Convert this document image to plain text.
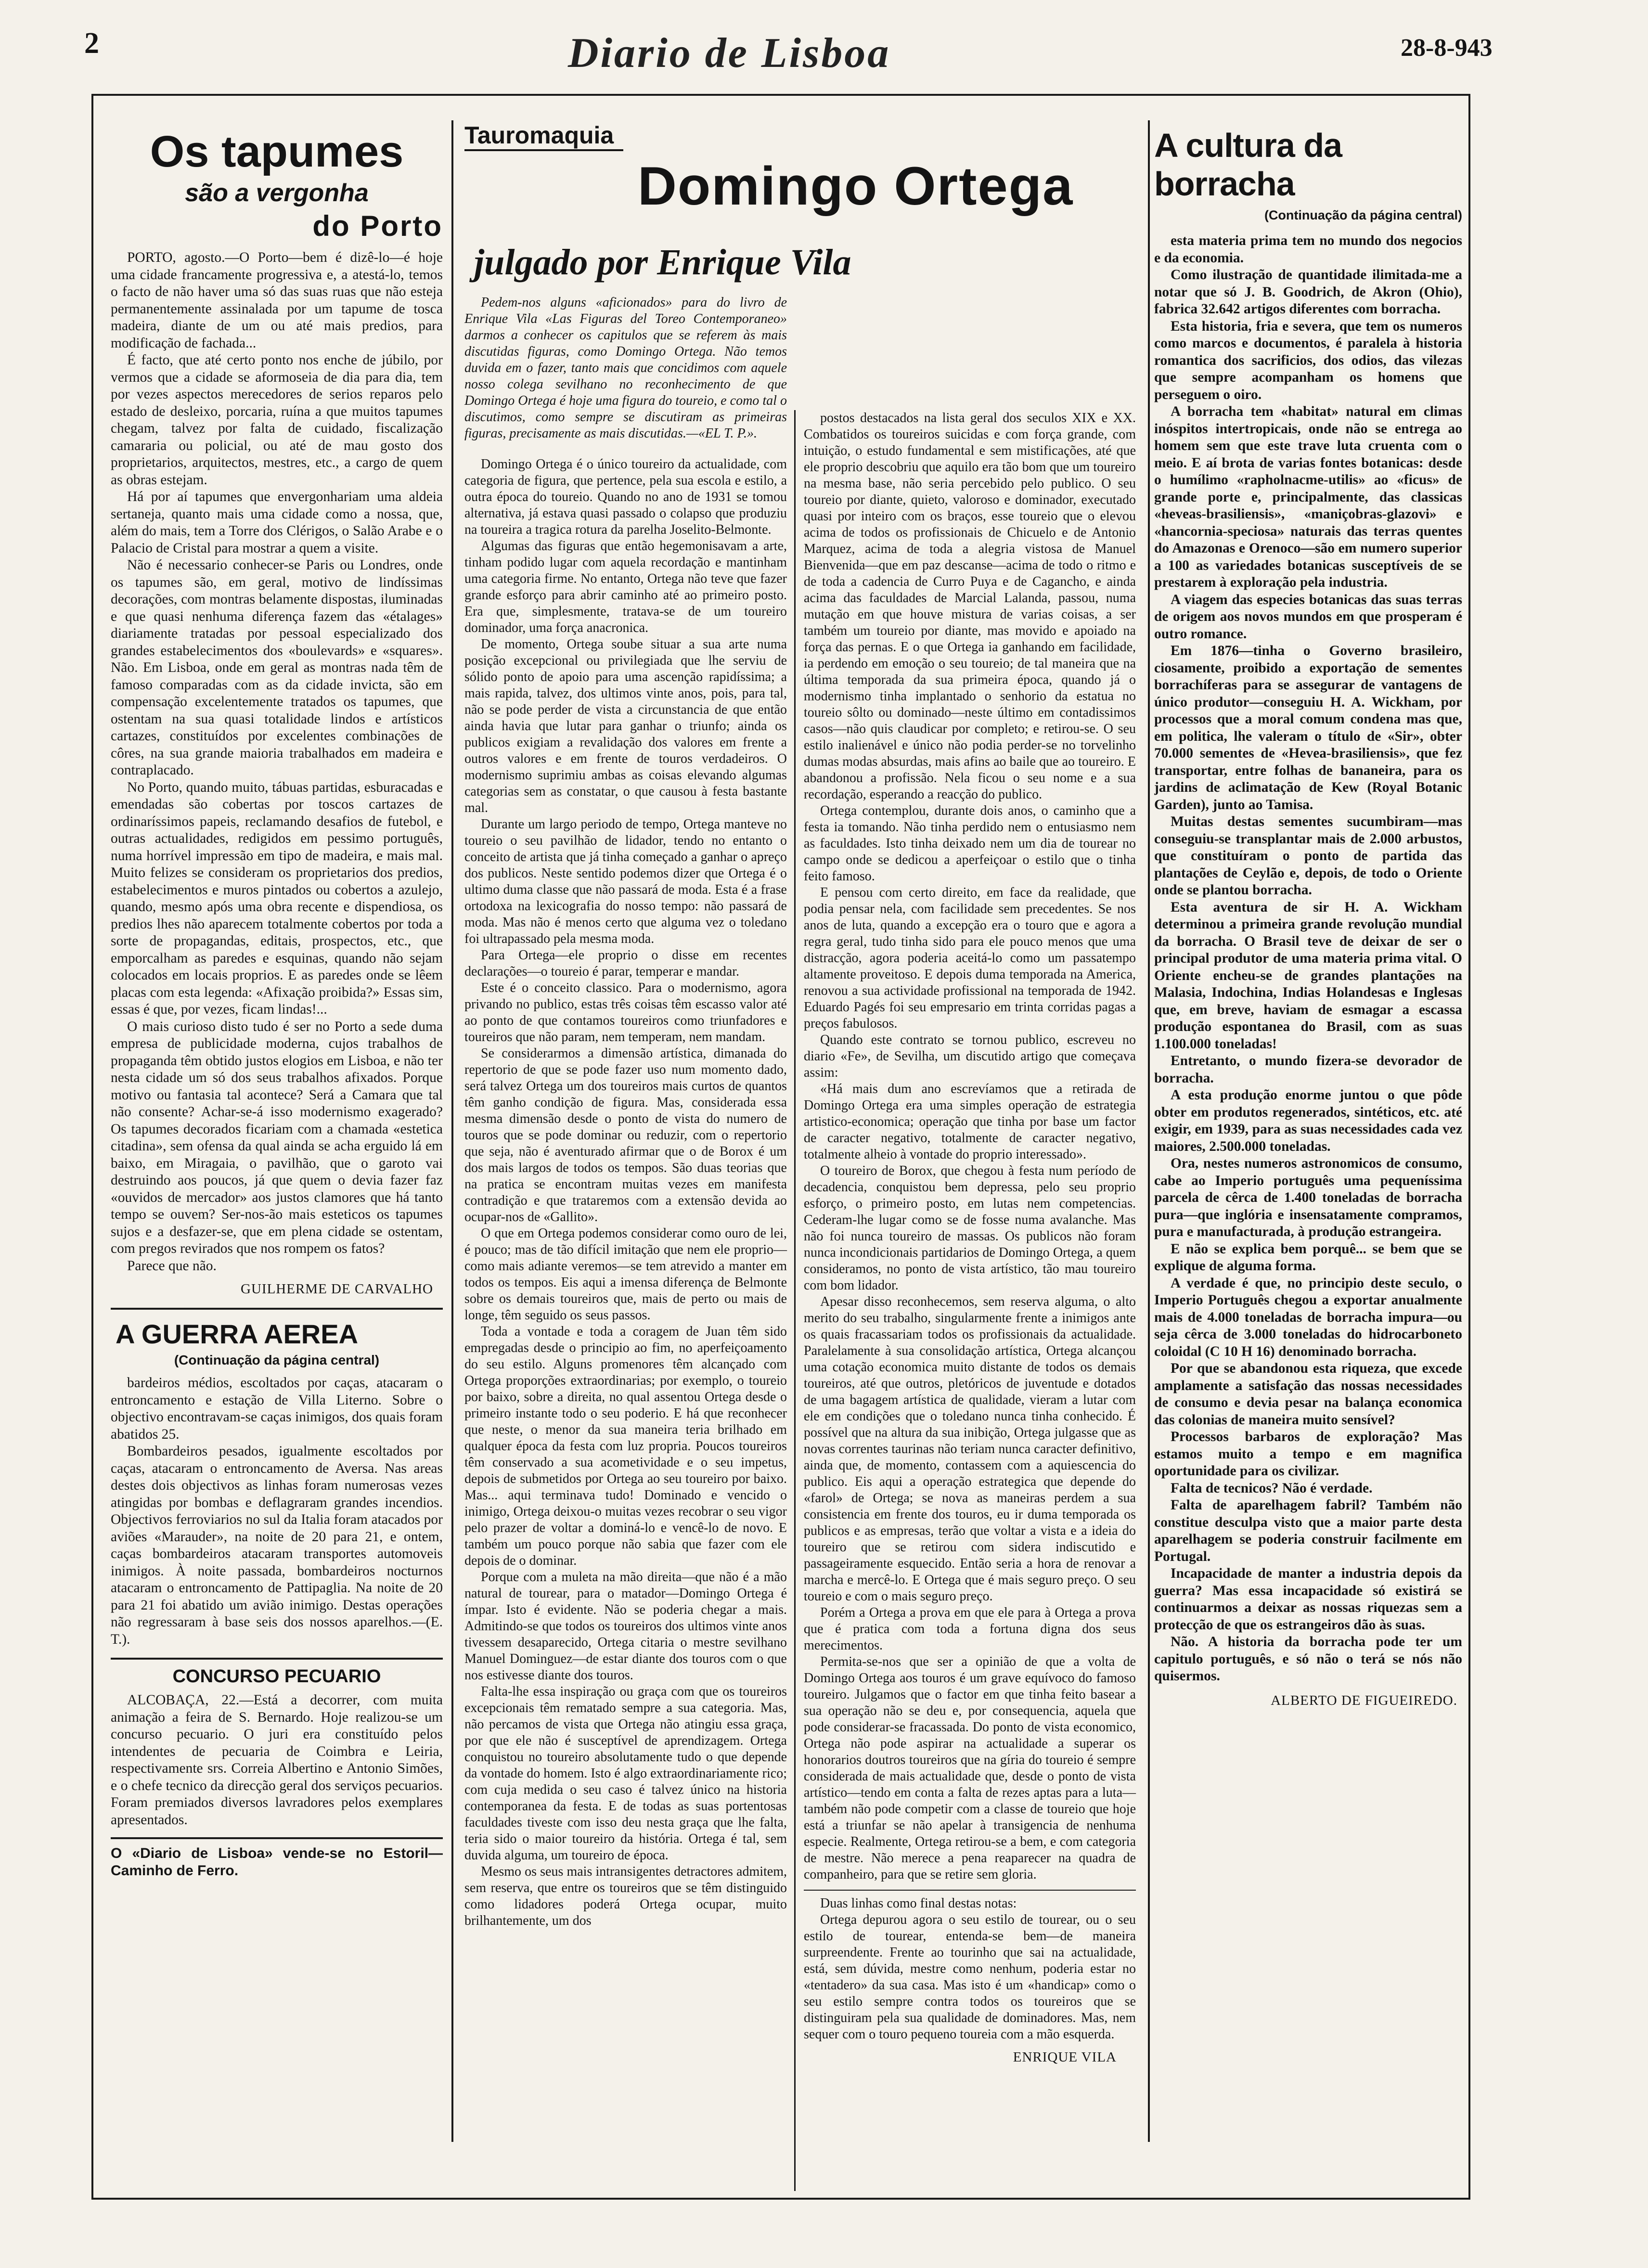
2	Diario de Lisboa	28-8-943
Os tapumes
são a vergonha
do Porto

PORTO, agosto.—O Porto—bem é dizê-lo—é hoje uma cidade francamente progressiva e, a atestá-lo, temos o facto de não haver uma só das suas ruas que não esteja permanentemente assinalada por um tapume de tosca madeira, diante de um ou até mais predios, para modificação de fachada...

É facto, que até certo ponto nos enche de júbilo, por vermos que a cidade se aformoseia de dia para dia, tem por vezes aspectos merecedores de serios reparos pelo estado de desleixo, porcaria, ruína a que muitos tapumes chegam, talvez por falta de cuidado, fiscalização camararia ou policial, ou até de mau gosto dos proprietarios, arquitectos, mestres, etc., a cargo de quem as obras estejam.

Há por aí tapumes que envergonhariam uma aldeia sertaneja, quanto mais uma cidade como a nossa, que, além do mais, tem a Torre dos Clérigos, o Salão Arabe e o Palacio de Cristal para mostrar a quem a visite.

Não é necessario conhecer-se Paris ou Londres, onde os tapumes são, em geral, motivo de lindíssimas decorações, com montras belamente dispostas, iluminadas e que quasi nenhuma diferença fazem das «étalages» diariamente tratadas por pessoal especializado dos grandes estabelecimentos dos «boulevards» e «squares». Não. Em Lisboa, onde em geral as montras nada têm de famoso comparadas com as da cidade invicta, são em compensação excelentemente tratados os tapumes, que ostentam na sua quasi totalidade lindos e artísticos cartazes, constituídos por excelentes combinações de côres, na sua grande maioria trabalhados em madeira e contraplacado.

No Porto, quando muito, tábuas partidas, esburacadas e emendadas são cobertas por toscos cartazes de ordinaríssimos papeis, reclamando desafios de futebol, e outras actualidades, redigidos em pessimo português, numa horrível impressão em tipo de madeira, e mais mal. Muito felizes se consideram os proprietarios dos predios, estabelecimentos e muros pintados ou cobertos a azulejo, quando, mesmo após uma obra recente e dispendiosa, os predios lhes não aparecem totalmente cobertos por toda a sorte de propagandas, editais, prospectos, etc., que emporcalham as paredes e esquinas, quando não sejam colocados em locais proprios. E as paredes onde se lêem placas com esta legenda: «Afixação proibida?» Essas sim, essas é que, por vezes, ficam lindas!...

O mais curioso disto tudo é ser no Porto a sede duma empresa de publicidade moderna, cujos trabalhos de propaganda têm obtido justos elogios em Lisboa, e não ter nesta cidade um só dos seus trabalhos afixados. Porque motivo ou fantasia tal acontece? Será a Camara que tal não consente? Achar-se-á isso modernismo exagerado? Os tapumes decorados ficariam com a chamada «estetica citadina», sem ofensa da qual ainda se acha erguido lá em baixo, em Miragaia, o pavilhão, que o garoto vai destruindo aos poucos, já que quem o devia fazer faz «ouvidos de mercador» aos justos clamores que há tanto tempo se ouvem? Ser-nos-ão mais esteticos os tapumes sujos e a desfazer-se, que em plena cidade se ostentam, com pregos revirados que nos rompem os fatos?

Parece que não.

GUILHERME DE CARVALHO
A GUERRA AEREA
(Continuação da página central)

bardeiros médios, escoltados por caças, atacaram o entroncamento e estação de Villa Literno. Sobre o objectivo encontravam-se caças inimigos, dos quais foram abatidos 25.

Bombardeiros pesados, igualmente escoltados por caças, atacaram o entroncamento de Aversa. Nas areas destes dois objectivos as linhas foram numerosas vezes atingidas por bombas e deflagraram grandes incendios. Objectivos ferroviarios no sul da Italia foram atacados por aviões «Marauder», na noite de 20 para 21, e ontem, caças bombardeiros atacaram transportes automoveis inimigos. À noite passada, bombardeiros nocturnos atacaram o entroncamento de Pattipaglia. Na noite de 20 para 21 foi abatido um avião inimigo. Destas operações não regressaram à base seis dos nossos aparelhos.—(E. T.).

CONCURSO PECUARIO

ALCOBAÇA, 22.—Está a decorrer, com muita animação a feira de S. Bernardo. Hoje realizou-se um concurso pecuario. O juri era constituído pelos intendentes de pecuaria de Coimbra e Leiria, respectivamente srs. Correia Albertino e Antonio Simões, e o chefe tecnico da direcção geral dos serviços pecuarios. Foram premiados diversos lavradores pelos exemplares apresentados.

O «Diario de Lisboa» vende-se no Estoril—Caminho de Ferro.
Tauromaquia
Domingo Ortega
julgado por Enrique Vila

Pedem-nos alguns «aficionados» para do livro de Enrique Vila «Las Figuras del Toreo Contemporaneo» darmos a conhecer os capitulos que se referem às mais discutidas figuras, como Domingo Ortega. Não temos duvida em o fazer, tanto mais que concidimos com aquele nosso colega sevilhano no reconhecimento de que Domingo Ortega é hoje uma figura do toureio, e como tal o discutimos, como sempre se discutiram as primeiras figuras, precisamente as mais discutidas.—«EL T. P.».

Domingo Ortega é o único toureiro da actualidade, com categoria de figura, que pertence, pela sua escola e estilo, a outra época do toureio. Quando no ano de 1931 se tomou alternativa, já estava quasi passado o colapso que produziu na toureira a tragica rotura da parelha Joselito-Belmonte.

Algumas das figuras que então hegemonisavam a arte, tinham podido lugar com aquela recordação e mantinham uma categoria firme. No entanto, Ortega não teve que fazer grande esforço para abrir caminho até ao primeiro posto. Era que, simplesmente, tratava-se de um toureiro dominador, uma força anacronica.

De momento, Ortega soube situar a sua arte numa posição excepcional ou privilegiada que lhe serviu de sólido ponto de apoio para uma ascenção rapidíssima; a mais rapida, talvez, dos ultimos vinte anos, pois, para tal, não se pode perder de vista a circunstancia de que então ainda havia que lutar para ganhar o triunfo; ainda os publicos exigiam a revalidação dos valores em frente a outros valores e em frente de touros verdadeiros. O modernismo suprimiu ambas as coisas elevando algumas categorias sem as constatar, o que causou à festa bastante mal.

Durante um largo periodo de tempo, Ortega manteve no toureio o seu pavilhão de lidador, tendo no entanto o conceito de artista que já tinha começado a ganhar o apreço dos publicos. Neste sentido podemos dizer que Ortega é o ultimo duma classe que não passará de moda. Esta é a frase ortodoxa na lexicografia do nosso tempo: não passará de moda. Mas não é menos certo que alguma vez o toledano foi ultrapassado pela mesma moda.

Para Ortega—ele proprio o disse em recentes declarações—o toureio é parar, temperar e mandar.

Este é o conceito classico. Para o modernismo, agora privando no publico, estas três coisas têm escasso valor até ao ponto de que contamos toureiros como triunfadores e toureiros que não param, nem temperam, nem mandam.

Se considerarmos a dimensão artística, dimanada do repertorio de que se pode fazer uso num momento dado, será talvez Ortega um dos toureiros mais curtos de quantos têm ganho condição de figura. Mas, considerada essa mesma dimensão desde o ponto de vista do numero de touros que se pode dominar ou reduzir, com o repertorio que seja, não é aventurado afirmar que o de Borox é um dos mais largos de todos os tempos. São duas teorias que na pratica se encontram muitas vezes em manifesta contradição e que trataremos com a extensão devida ao ocupar-nos de «Gallito».

O que em Ortega podemos considerar como ouro de lei, é pouco; mas de tão difícil imitação que nem ele proprio—como mais adiante veremos—se tem atrevido a manter em todos os tempos. Eis aqui a imensa diferença de Belmonte sobre os demais toureiros que, mais de perto ou mais de longe, têm seguido os seus passos.

Toda a vontade e toda a coragem de Juan têm sido empregadas desde o principio ao fim, no aperfeiçoamento do seu estilo. Alguns promenores têm alcançado com Ortega proporções extraordinarias; por exemplo, o toureio por baixo, sobre a direita, no qual assentou Ortega desde o primeiro instante todo o seu poderio. E há que reconhecer que neste, o menor da sua maneira teria brilhado em qualquer época da festa com luz propria. Poucos toureiros têm conservado a sua acometividade e o seu impetus, depois de submetidos por Ortega ao seu toureiro por baixo. Mas... aqui terminava tudo! Dominado e vencido o inimigo, Ortega deixou-o muitas vezes recobrar o seu vigor pelo prazer de voltar a dominá-lo e vencê-lo de novo. E também um pouco porque não sabia que fazer com ele depois de o dominar.

Porque com a muleta na mão direita—que não é a mão natural de tourear, para o matador—Domingo Ortega é ímpar. Isto é evidente. Não se poderia chegar a mais. Admitindo-se que todos os toureiros dos ultimos vinte anos tivessem desaparecido, Ortega citaria o mestre sevilhano Manuel Dominguez—de estar diante dos touros com o que nos estivesse diante dos touros.

Falta-lhe essa inspiração ou graça com que os toureiros excepcionais têm rematado sempre a sua categoria. Mas, não percamos de vista que Ortega não atingiu essa graça, por que ele não é susceptível de aprendizagem. Ortega conquistou no toureiro absolutamente tudo o que depende da vontade do homem. Isto é algo extraordinariamente rico; com cuja medida o seu caso é talvez único na historia contemporanea da festa. E de todas as suas portentosas faculdades tiveste com isso deu nesta graça que lhe falta, teria sido o maior toureiro da história. Ortega é tal, sem duvida alguma, um toureiro de época.

Mesmo os seus mais intransigentes detractores admitem, sem reserva, que entre os toureiros que se têm distinguido como lidadores poderá Ortega ocupar, muito brilhantemente, um dos

postos destacados na lista geral dos seculos XIX e XX. Combatidos os toureiros suicidas e com força grande, com intuição, o estudo fundamental e sem mistificações, até que ele proprio descobriu que aquilo era tão bom que um toureiro na mesma base, não seria percebido pelo publico. O seu toureio por diante, quieto, valoroso e dominador, executado quasi por inteiro com os braços, esse toureio que o elevou acima de todos os profissionais de Chicuelo e de Antonio Marquez, acima de toda a alegria vistosa de Manuel Bienvenida—que em paz descanse—acima de todo o ritmo e de toda a cadencia de Curro Puya e de Cagancho, e ainda acima das faculdades de Marcial Lalanda, passou, numa mutação em que houve mistura de varias coisas, a ser também um toureio por diante, mas movido e apoiado na força das pernas. E o que Ortega ia ganhando em facilidade, ia perdendo em emoção o seu toureio; de tal maneira que na última temporada da sua primeira época, quando já o modernismo tinha implantado o senhorio da estatua no toureio sôlto ou dominado—neste último em contadissimos casos—não quis claudicar por completo; e retirou-se. O seu estilo inalienável e único não podia perder-se no torvelinho dumas modas absurdas, mais afins ao baile que ao toureiro. E abandonou a profissão. Nela ficou o seu nome e a sua recordação, esperando a reacção do publico.

Ortega contemplou, durante dois anos, o caminho que a festa ia tomando. Não tinha perdido nem o entusiasmo nem as faculdades. Isto tinha deixado nem um dia de tourear no campo onde se dedicou a aperfeiçoar o estilo que o tinha feito famoso.

E pensou com certo direito, em face da realidade, que podia pensar nela, com facilidade sem precedentes. Se nos anos de luta, quando a excepção era o touro que e agora a regra geral, tudo tinha sido para ele pouco menos que uma distracção, agora poderia aceitá-lo como um passatempo altamente proveitoso. E depois duma temporada na America, renovou a sua actividade profissional na temporada de 1942. Eduardo Pagés foi seu empresario em trinta corridas pagas a preços fabulosos.

Quando este contrato se tornou publico, escreveu no diario «Fe», de Sevilha, um discutido artigo que começava assim:

«Há mais dum ano escrevíamos que a retirada de Domingo Ortega era uma simples operação de estrategia artistico-economica; operação que tinha por base um factor de caracter negativo, totalmente de caracter negativo, totalmente alheio à vontade do proprio interessado».

O toureiro de Borox, que chegou à festa num período de decadencia, conquistou bem depressa, pelo seu proprio esforço, o primeiro posto, em lutas nem competencias. Cederam-lhe lugar como se de fosse numa avalanche. Mas não foi nunca toureiro de massas. Os publicos não foram nunca incondicionais partidarios de Domingo Ortega, a quem consideramos, no ponto de vista artístico, tão mau toureiro com bom lidador.

Apesar disso reconhecemos, sem reserva alguma, o alto merito do seu trabalho, singularmente frente a inimigos ante os quais fracassariam todos os profissionais da actualidade. Paralelamente à sua consolidação artística, Ortega alcançou uma cotação economica muito distante de todos os demais toureiros, até que outros, pletóricos de juventude e dotados de uma bagagem artística de qualidade, vieram a lutar com ele em condições que o toledano nunca tinha conhecido. É possível que na altura da sua inibição, Ortega julgasse que as novas correntes taurinas não teriam nunca caracter definitivo, ainda que, de momento, contassem com a aquiescencia do publico. Eis aqui a operação estrategica que depende do «farol» de Ortega; se nova as maneiras perdem a sua consistencia em frente dos touros, eu ir duma temporada os publicos e as empresas, terão que voltar a vista e a ideia do toureiro que se retirou com sidera indiscutido e passageiramente esquecido. Então seria a hora de renovar a marcha e mercê-lo. E Ortega que é mais seguro preço. O seu toureio e com o mais seguro preço.

Porém a Ortega a prova em que ele para à Ortega a prova que é pratica com toda a fortuna digna dos seus merecimentos.

Permita-se-nos que ser a opinião de que a volta de Domingo Ortega aos touros é um grave equívoco do famoso toureiro. Julgamos que o factor em que tinha feito basear a sua operação não se deu e, por consequencia, aquela que pode considerar-se fracassada. Do ponto de vista economico, Ortega não pode aspirar na actualidade a superar os honorarios doutros toureiros que na gíria do toureio é sempre considerada de mais actualidade que, desde o ponto de vista artístico—tendo em conta a falta de rezes aptas para a luta—também não pode competir com a classe de toureio que hoje está a triunfar se não apelar à transigencia de nenhuma especie. Realmente, Ortega retirou-se a bem, e com categoria de mestre. Não merece a pena reaparecer na quadra de companheiro, para que se retire sem gloria.

Duas linhas como final destas notas:

Ortega depurou agora o seu estilo de tourear, ou o seu estilo de tourear, entenda-se bem—de maneira surpreendente. Frente ao tourinho que sai na actualidade, está, sem dúvida, mestre como nenhum, poderia estar no «tentadero» da sua casa. Mas isto é um «handicap» como o seu estilo sempre contra todos os toureiros que se distinguiram pela sua qualidade de dominadores. Mas, nem sequer com o touro pequeno toureia com a mão esquerda.

ENRIQUE VILA
A cultura da borracha
(Continuação da página central)

esta materia prima tem no mundo dos negocios e da economia.

Como ilustração de quantidade ilimitada-me a notar que só J. B. Goodrich, de Akron (Ohio), fabrica 32.642 artigos diferentes com borracha.

Esta historia, fria e severa, que tem os numeros como marcos e documentos, é paralela à historia romantica dos sacrificios, dos odios, das vilezas que sempre acompanham os homens que perseguem o oiro.

A borracha tem «habitat» natural em climas inóspitos intertropicais, onde não se entrega ao homem sem que este trave luta cruenta com o meio. E aí brota de varias fontes botanicas: desde o humílimo «rapholnacme-utilis» ao «ficus» de grande porte e, principalmente, das classicas «heveas-brasiliensis», «maniçobras-glazovi» e «hancornia-speciosa» naturais das terras quentes do Amazonas e Orenoco—são em numero superior a 100 as variedades botanicas susceptíveis de se prestarem à exploração pela industria.

A viagem das especies botanicas das suas terras de origem aos novos mundos em que prosperam é outro romance.

Em 1876—tinha o Governo brasileiro, ciosamente, proibido a exportação de sementes borrachíferas para se assegurar de vantagens de único produtor—conseguiu H. A. Wickham, por processos que a moral comum condena mas que, em politica, lhe valeram o título de «Sir», obter 70.000 sementes de «Hevea-brasiliensis», que fez transportar, entre folhas de bananeira, para os jardins de aclimatação de Kew (Royal Botanic Garden), junto ao Tamisa.

Muitas destas sementes sucumbiram—mas conseguiu-se transplantar mais de 2.000 arbustos, que constituíram o ponto de partida das plantações de Ceylão e, depois, de todo o Oriente onde se plantou borracha.

Esta aventura de sir H. A. Wickham determinou a primeira grande revolução mundial da borracha. O Brasil teve de deixar de ser o principal produtor de uma materia prima vital. O Oriente encheu-se de grandes plantações na Malasia, Indochina, Indias Holandesas e Inglesas que, em breve, haviam de esmagar a escassa produção espontanea do Brasil, com as suas 1.100.000 toneladas!

Entretanto, o mundo fizera-se devorador de borracha.

A esta produção enorme juntou o que pôde obter em produtos regenerados, sintéticos, etc. até exigir, em 1939, para as suas necessidades cada vez maiores, 2.500.000 toneladas.

Ora, nestes numeros astronomicos de consumo, cabe ao Imperio português uma pequeníssima parcela de cêrca de 1.400 toneladas de borracha pura—que inglória e insensatamente compramos, pura e manufacturada, à produção estrangeira.

E não se explica bem porquê... se bem que se explique de alguma forma.

A verdade é que, no principio deste seculo, o Imperio Português chegou a exportar anualmente mais de 4.000 toneladas de borracha impura—ou seja cêrca de 3.000 toneladas do hidrocarboneto coloidal (C 10 H 16) denominado borracha.

Por que se abandonou esta riqueza, que excede amplamente a satisfação das nossas necessidades de consumo e devia pesar na balança economica das colonias de maneira muito sensível?

Processos barbaros de exploração? Mas estamos muito a tempo e em magnifica oportunidade para os civilizar.

Falta de tecnicos? Não é verdade.

Falta de aparelhagem fabril? Também não constitue desculpa visto que a maior parte desta aparelhagem se poderia construir facilmente em Portugal.

Incapacidade de manter a industria depois da guerra? Mas essa incapacidade só existirá se continuarmos a deixar as nossas riquezas sem a protecção de que os estrangeiros dão às suas.

Não. A historia da borracha pode ter um capitulo português, e só não o terá se nós não quisermos.

ALBERTO DE FIGUEIREDO.
